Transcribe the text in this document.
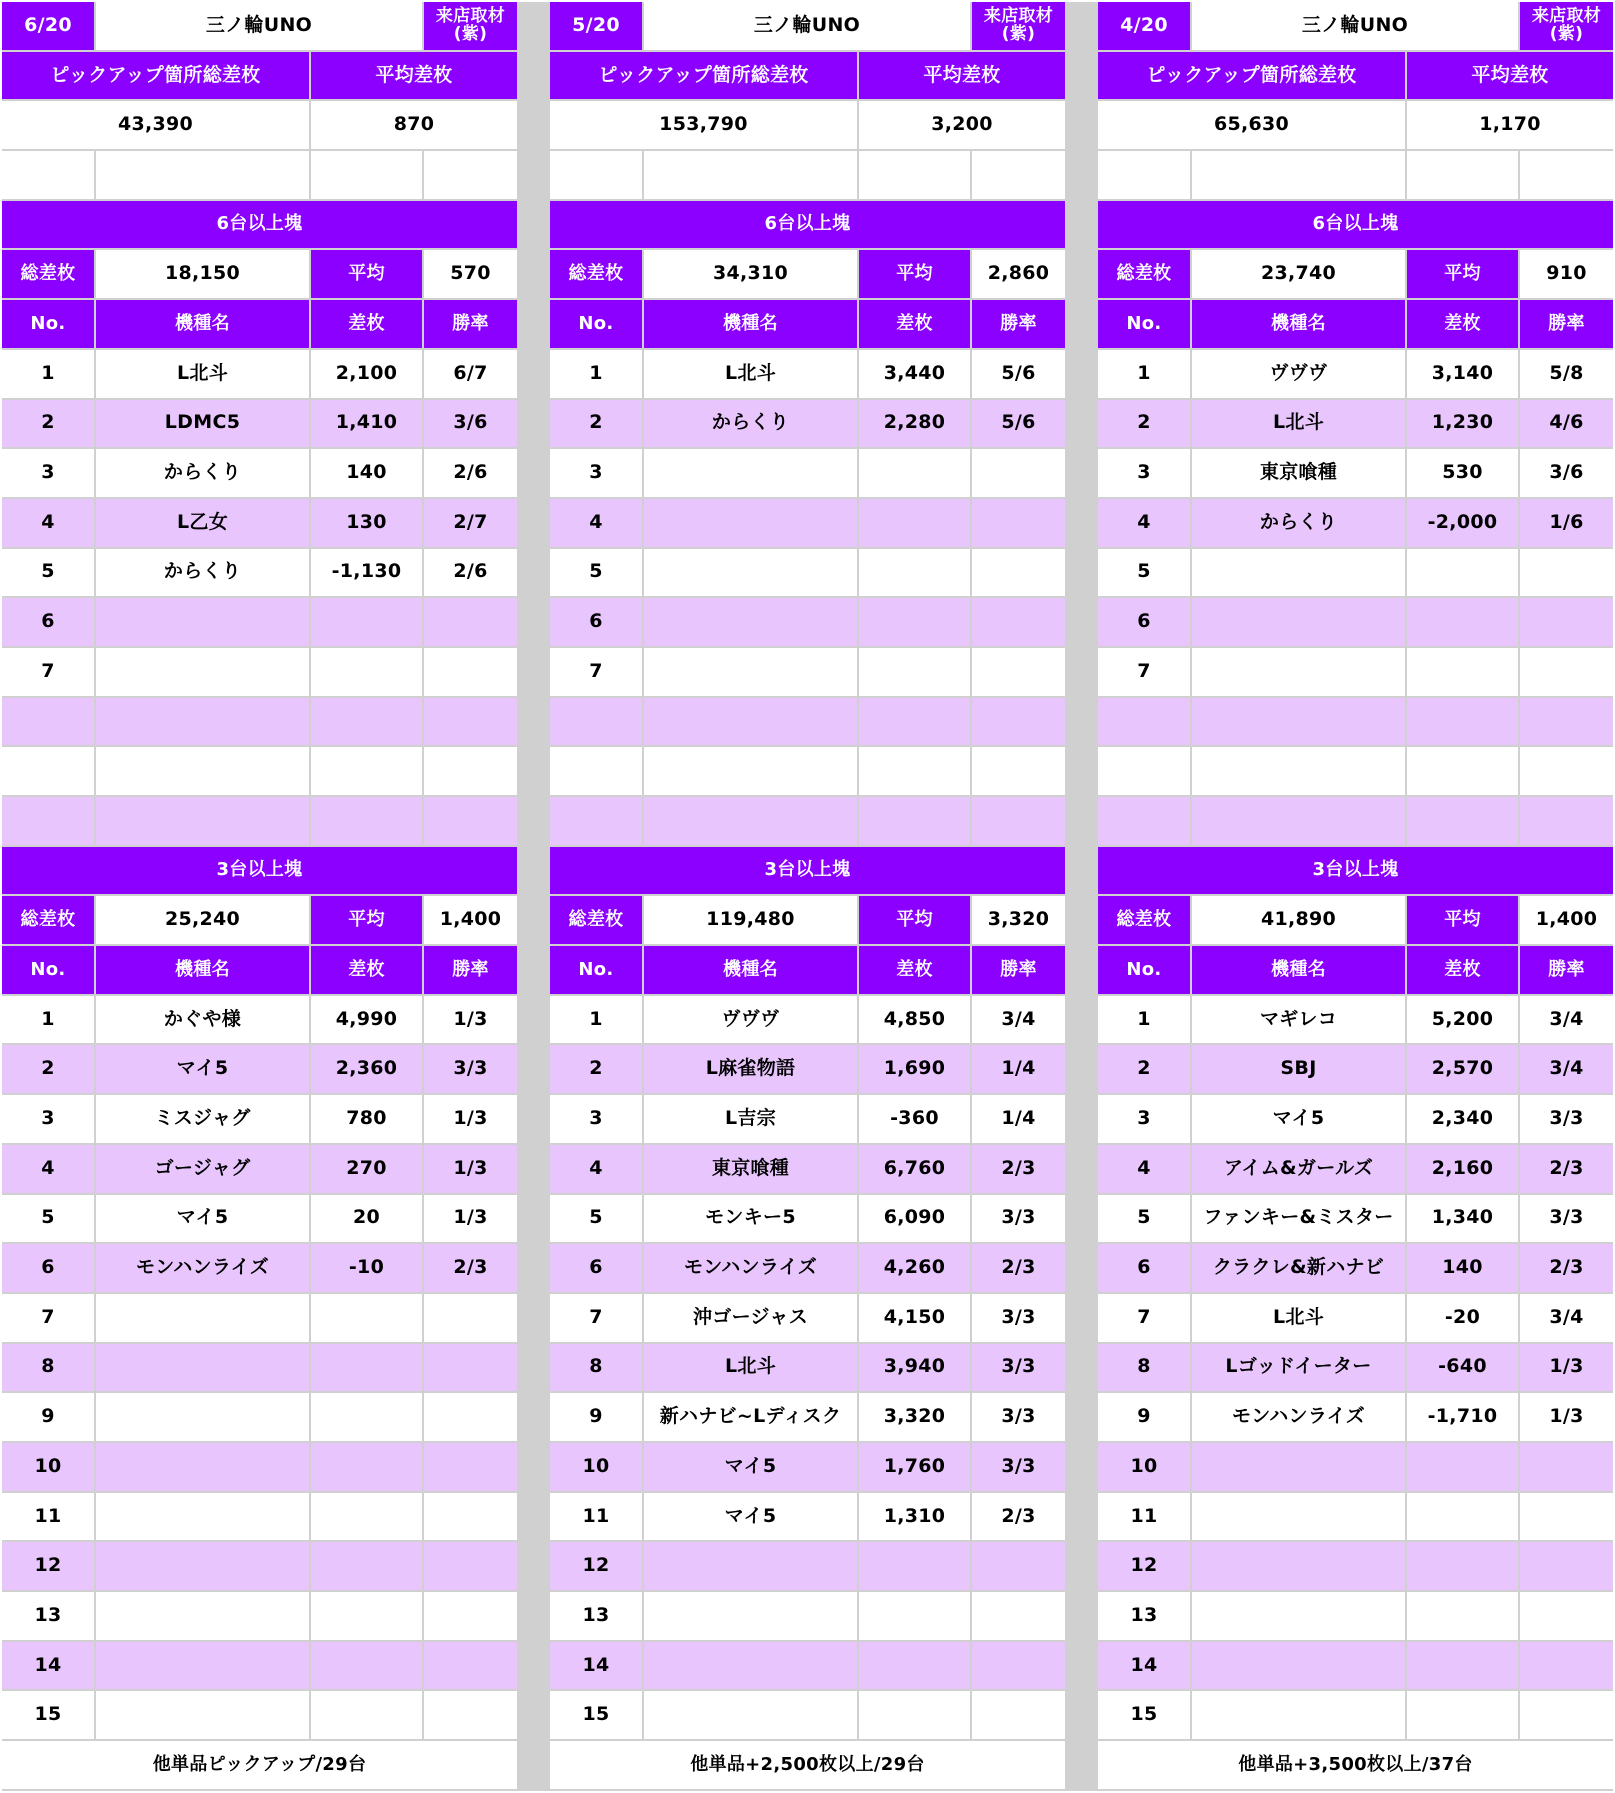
6/20	三ノ輪UNO	来店取材
(紫)
ピックアップ箇所総差枚	平均差枚
43,390	870
6台以上塊
総差枚	18,150	平均	570
No.	機種名	差枚	勝率
1	L北斗	2,100	6/7
2	LDMC5	1,410	3/6
3	からくり	140	2/6
4	L乙女	130	2/7
5	からくり	-1,130	2/6
6
7
3台以上塊
総差枚	25,240	平均	1,400
No.	機種名	差枚	勝率
1	かぐや様	4,990	1/3
2	マイ5	2,360	3/3
3	ミスジャグ	780	1/3
4	ゴージャグ	270	1/3
5	マイ5	20	1/3
6	モンハンライズ	-10	2/3
7
8
9
10
11
12
13
14
15
他単品ピックアップ/29台
5/20	三ノ輪UNO	来店取材
(紫)
ピックアップ箇所総差枚	平均差枚
153,790	3,200
6台以上塊
総差枚	34,310	平均	2,860
No.	機種名	差枚	勝率
1	L北斗	3,440	5/6
2	からくり	2,280	5/6
3
4
5
6
7
3台以上塊
総差枚	119,480	平均	3,320
No.	機種名	差枚	勝率
1	ヴヴヴ	4,850	3/4
2	L麻雀物語	1,690	1/4
3	L吉宗	-360	1/4
4	東京喰種	6,760	2/3
5	モンキー5	6,090	3/3
6	モンハンライズ	4,260	2/3
7	沖ゴージャス	4,150	3/3
8	L北斗	3,940	3/3
9	新ハナビ~Lディスク	3,320	3/3
10	マイ5	1,760	3/3
11	マイ5	1,310	2/3
12
13
14
15
他単品+2,500枚以上/29台
4/20	三ノ輪UNO	来店取材
(紫)
ピックアップ箇所総差枚	平均差枚
65,630	1,170
6台以上塊
総差枚	23,740	平均	910
No.	機種名	差枚	勝率
1	ヴヴヴ	3,140	5/8
2	L北斗	1,230	4/6
3	東京喰種	530	3/6
4	からくり	-2,000	1/6
5
6
7
3台以上塊
総差枚	41,890	平均	1,400
No.	機種名	差枚	勝率
1	マギレコ	5,200	3/4
2	SBJ	2,570	3/4
3	マイ5	2,340	3/3
4	アイム&ガールズ	2,160	2/3
5	ファンキー&ミスター	1,340	3/3
6	クラクレ&新ハナビ	140	2/3
7	L北斗	-20	3/4
8	Lゴッドイーター	-640	1/3
9	モンハンライズ	-1,710	1/3
10
11
12
13
14
15
他単品+3,500枚以上/37台
